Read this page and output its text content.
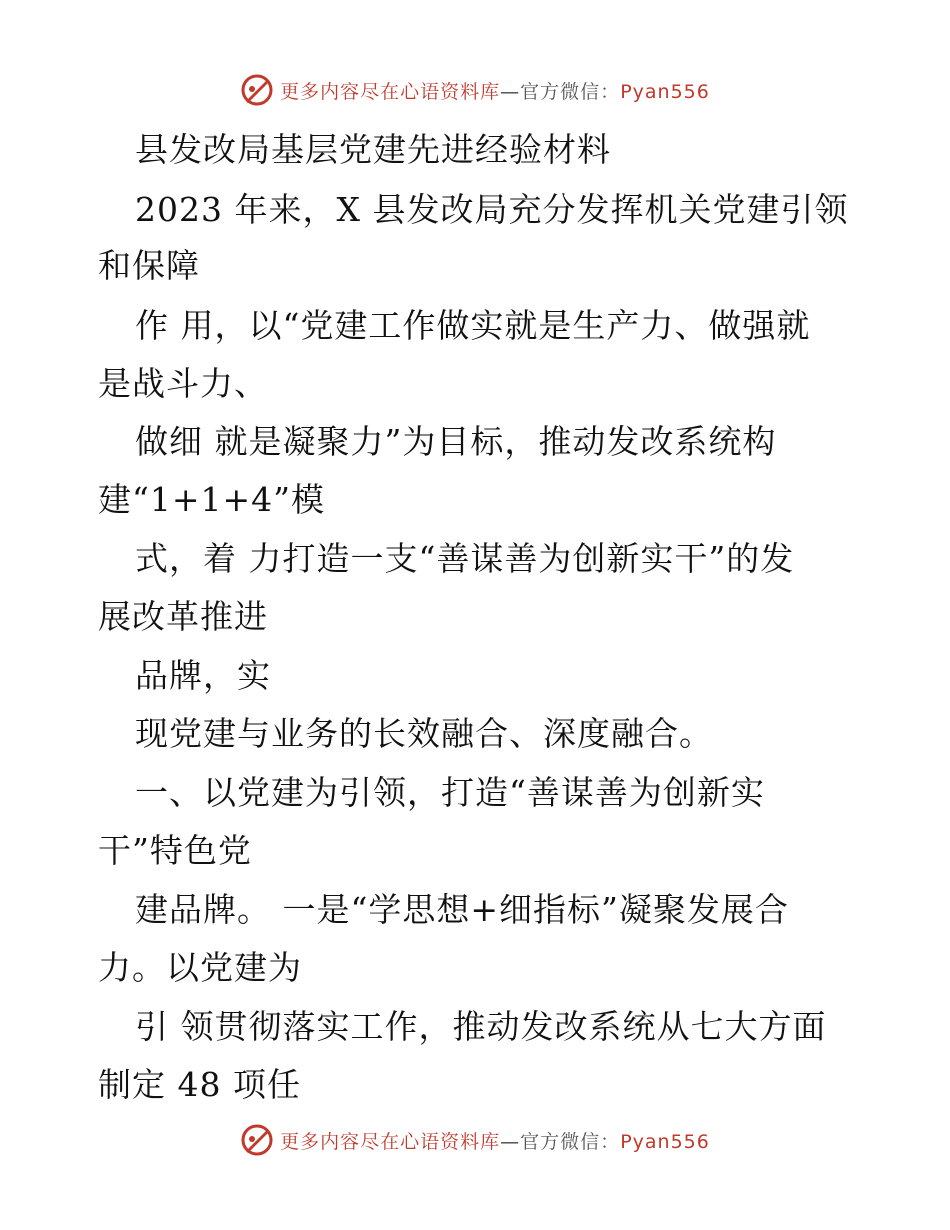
更多内容尽在心语资料库—官方微信：Pyan556
县发改局基层党建先进经验材料
2023 年来，X 县发改局充分发挥机关党建引领
和保障
作 用，以“党建工作做实就是生产力、做强就
是战斗力、
做细 就是凝聚力”为目标，推动发改系统构
建“1+1+4”模
式，着 力打造一支“善谋善为创新实干”的发
展改革推进
品牌，实
现党建与业务的长效融合、深度融合。
一、以党建为引领，打造“善谋善为创新实
干”特色党
建品牌。 一是“学思想+细指标”凝聚发展合
力。以党建为
引 领贯彻落实工作，推动发改系统从七大方面
制定 48 项任
更多内容尽在心语资料库—官方微信：Pyan556
